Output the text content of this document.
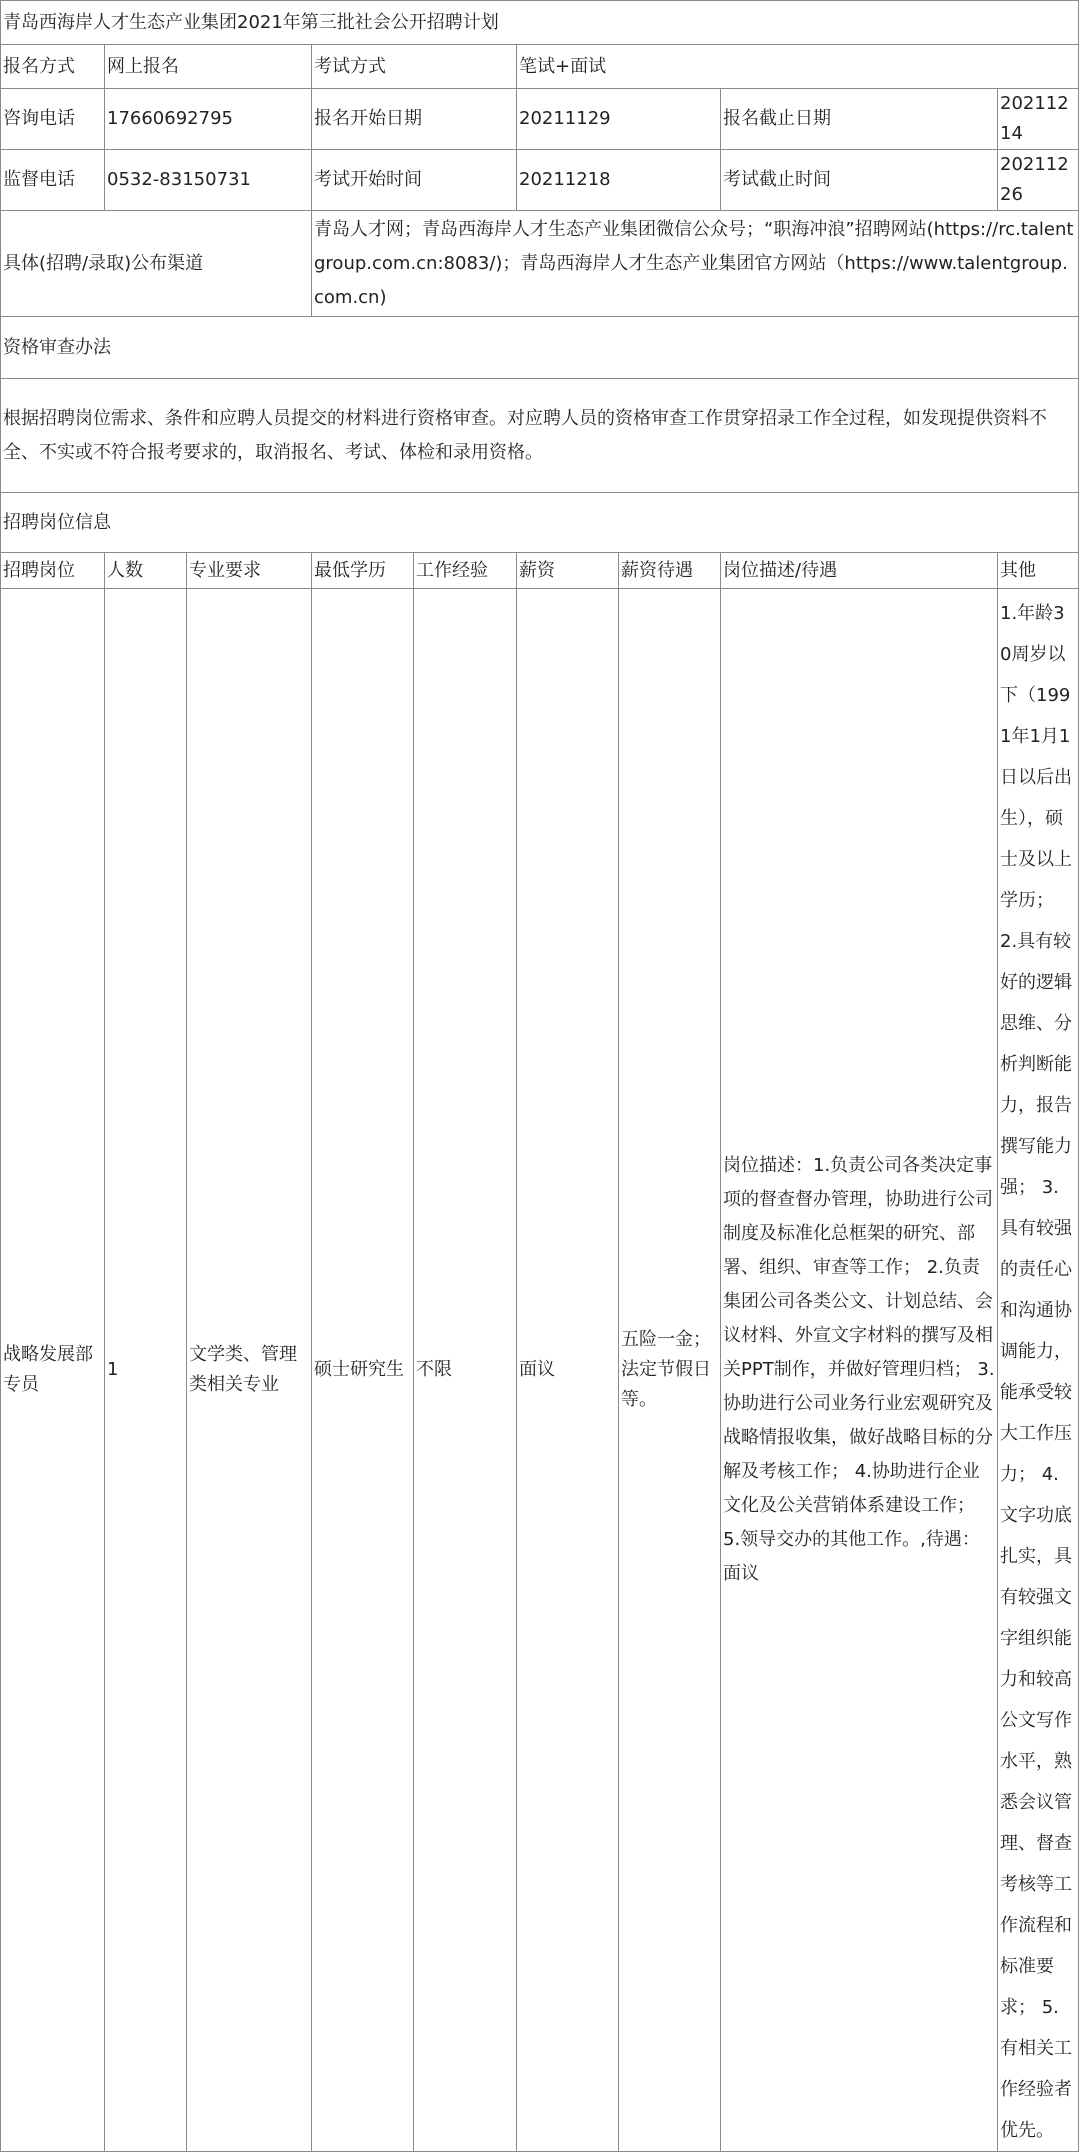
青岛西海岸人才生态产业集团2021年第三批社会公开招聘计划								
报名方式	网上报名		考试方式		笔试+面试			
咨询电话	17660692795		报名开始日期		20211129		报名截止日期	20211214
监督电话	0532-83150731		考试开始时间		20211218		考试截止时间	20211226
具体(招聘/录取)公布渠道			青岛人才网；青岛西海岸人才生态产业集团微信公众号；“职海冲浪”招聘网站(https://rc.talentgroup.com.cn:8083/)；青岛西海岸人才生态产业集团官方网站（https://www.talentgroup.com.cn)					
资格审查办法								
根据招聘岗位需求、条件和应聘人员提交的材料进行资格审查。对应聘人员的资格审查工作贯穿招录工作全过程，如发现提供资料不全、不实或不符合报考要求的，取消报名、考试、体检和录用资格。								
招聘岗位信息								
招聘岗位	人数	专业要求	最低学历	工作经验	薪资	薪资待遇	岗位描述/待遇	其他
战略发展部专员	1	文学类、管理类相关专业	硕士研究生	不限	面议	五险一金；法定节假日等。	岗位描述：1.负责公司各类决定事项的督查督办管理，协助进行公司制度及标准化总框架的研究、部署、组织、审查等工作； 2.负责集团公司各类公文、计划总结、会议材料、外宣文字材料的撰写及相关PPT制作，并做好管理归档； 3.协助进行公司业务行业宏观研究及战略情报收集，做好战略目标的分解及考核工作； 4.协助进行企业文化及公关营销体系建设工作； 5.领导交办的其他工作。,待遇：面议	1.年龄30周岁以下（1991年1月1日以后出生），硕士及以上学历； 2.具有较好的逻辑思维、分析判断能力，报告撰写能力强； 3.具有较强的责任心和沟通协调能力，能承受较大工作压力； 4.文字功底扎实，具有较强文字组织能力和较高公文写作水平，熟悉会议管理、督查考核等工作流程和标准要求； 5.有相关工作经验者优先。
